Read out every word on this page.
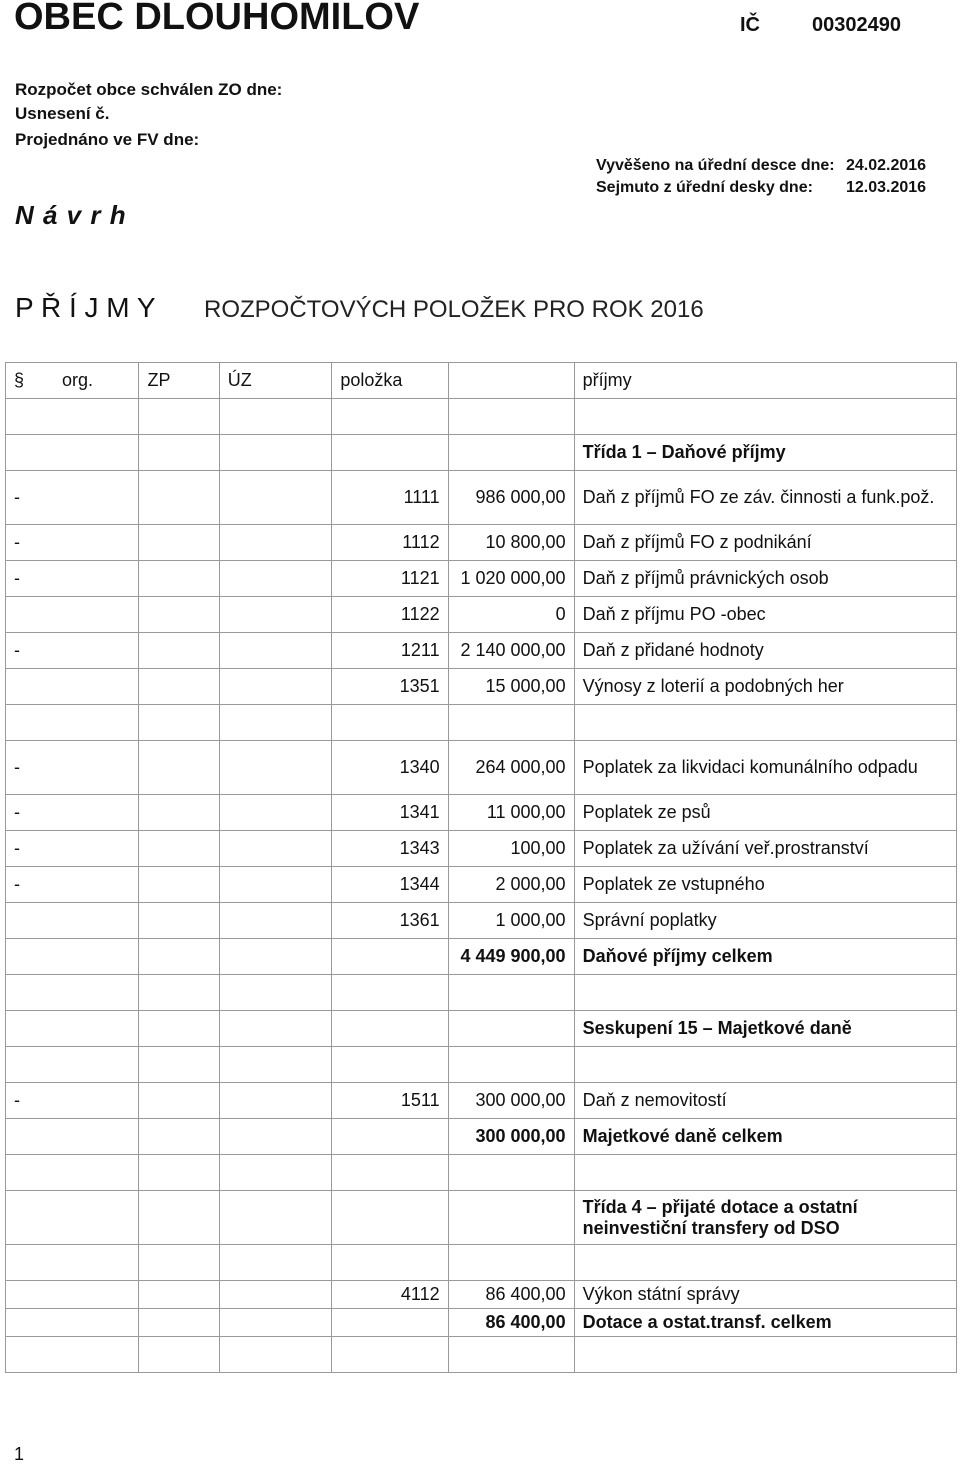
OBEC DLOUHOMILOV	IČ	00302490
Rozpočet obce schválen ZO dne:
Usnesení č.
Projednáno ve FV dne:
Vyvěšeno na úřední desce dne: 24.02.2016
Sejmuto z úřední desky dne: 12.03.2016
N á v r h
P Ř Í J M Y ROZPOČTOVÝCH POLOŽEK PRO ROK 2016
§ org.	ZP	ÚZ	položka		příjmy

					Třída 1 – Daňové příjmy
-			1111	986 000,00	Daň z příjmů FO ze záv. činnosti a funk.pož.
-			1112	10 800,00	Daň z příjmů FO z podnikání
-			1121	1 020 000,00	Daň z příjmů právnických osob
			1122	0	Daň z příjmu PO -obec
-			1211	2 140 000,00	Daň z přidané hodnoty
			1351	15 000,00	Výnosy z loterií a podobných her

-			1340	264 000,00	Poplatek za likvidaci komunálního odpadu
-			1341	11 000,00	Poplatek ze psů
-			1343	100,00	Poplatek za užívání veř.prostranství
-			1344	2 000,00	Poplatek ze vstupného
			1361	1 000,00	Správní poplatky
				4 449 900,00	Daňové příjmy celkem

					Seskupení 15 – Majetkové daně

-			1511	300 000,00	Daň z nemovitostí
				300 000,00	Majetkové daně celkem

					Třída 4 – přijaté dotace a ostatní neinvestiční transfery od DSO

			4112	86 400,00	Výkon státní správy
				86 400,00	Dotace a ostat.transf. celkem

1
